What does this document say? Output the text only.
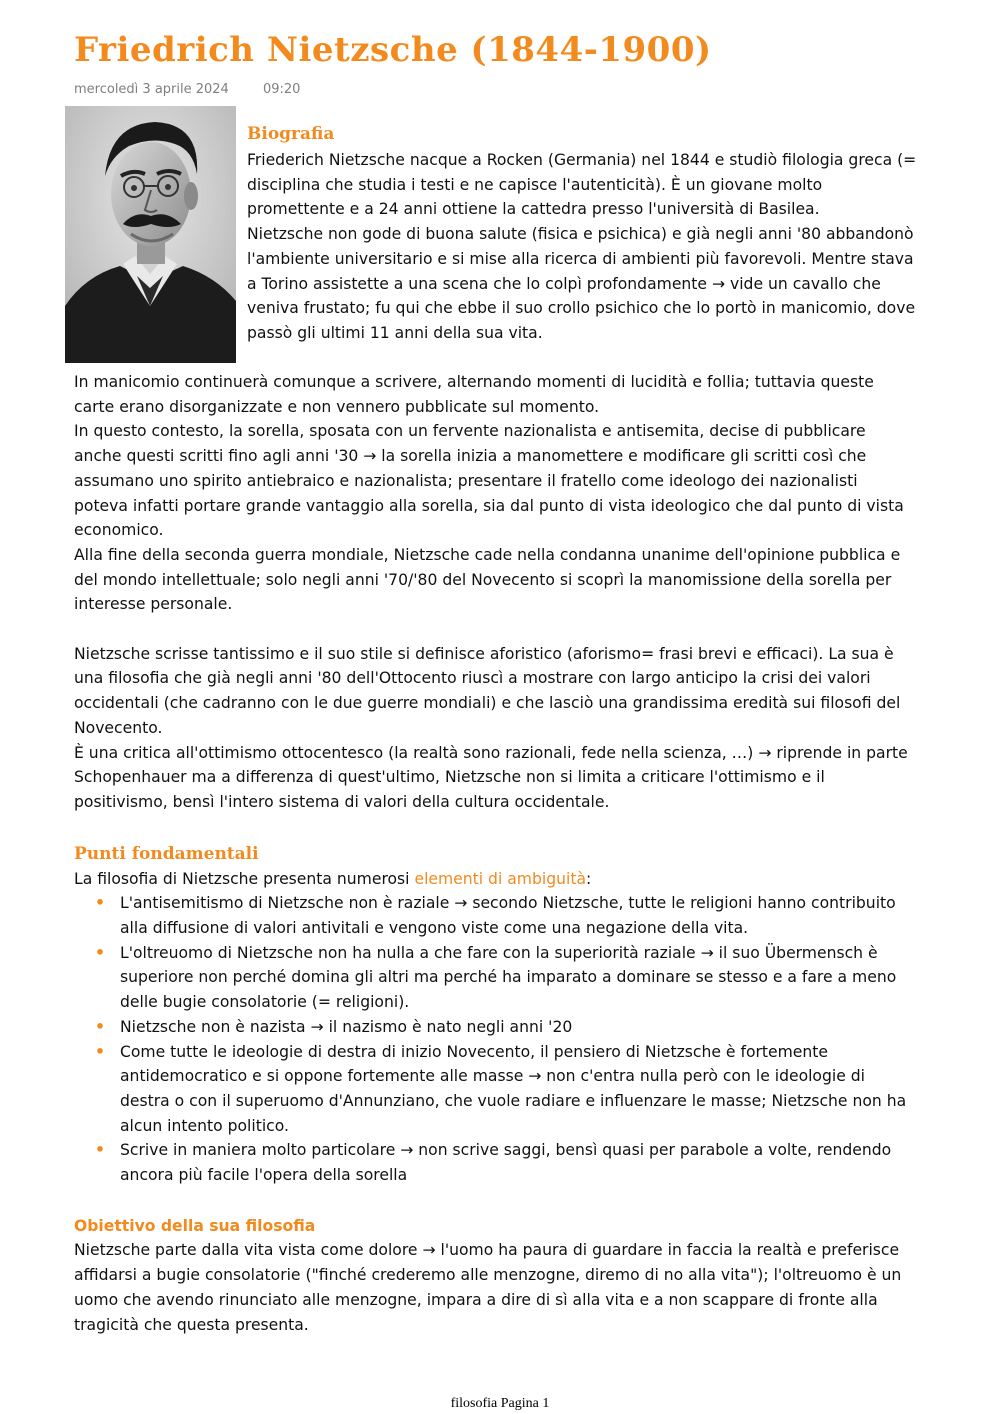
Friedrich Nietzsche (1844-1900)
mercoledì 3 aprile 2024	09:20
Biografia
Friederich Nietzsche nacque a Rocken (Germania) nel 1844 e studiò filologia greca (=
disciplina che studia i testi e ne capisce l'autenticità). È un giovane molto
promettente e a 24 anni ottiene la cattedra presso l'università di Basilea.
Nietzsche non gode di buona salute (fisica e psichica) e già negli anni '80 abbandonò
l'ambiente universitario e si mise alla ricerca di ambienti più favorevoli. Mentre stava
a Torino assistette a una scena che lo colpì profondamente → vide un cavallo che
veniva frustato; fu qui che ebbe il suo crollo psichico che lo portò in manicomio, dove
passò gli ultimi 11 anni della sua vita.
In manicomio continuerà comunque a scrivere, alternando momenti di lucidità e follia; tuttavia queste
carte erano disorganizzate e non vennero pubblicate sul momento.
In questo contesto, la sorella, sposata con un fervente nazionalista e antisemita, decise di pubblicare
anche questi scritti fino agli anni '30 → la sorella inizia a manomettere e modificare gli scritti così che
assumano uno spirito antiebraico e nazionalista; presentare il fratello come ideologo dei nazionalisti
poteva infatti portare grande vantaggio alla sorella, sia dal punto di vista ideologico che dal punto di vista
economico.
Alla fine della seconda guerra mondiale, Nietzsche cade nella condanna unanime dell'opinione pubblica e
del mondo intellettuale; solo negli anni '70/'80 del Novecento si scoprì la manomissione della sorella per
interesse personale.
Nietzsche scrisse tantissimo e il suo stile si definisce aforistico (aforismo= frasi brevi e efficaci). La sua è
una filosofia che già negli anni '80 dell'Ottocento riuscì a mostrare con largo anticipo la crisi dei valori
occidentali (che cadranno con le due guerre mondiali) e che lasciò una grandissima eredità sui filosofi del
Novecento.
È una critica all'ottimismo ottocentesco (la realtà sono razionali, fede nella scienza, …) → riprende in parte
Schopenhauer ma a differenza di quest'ultimo, Nietzsche non si limita a criticare l'ottimismo e il
positivismo, bensì l'intero sistema di valori della cultura occidentale.
Punti fondamentali
La filosofia di Nietzsche presenta numerosi elementi di ambiguità:
• L'antisemitismo di Nietzsche non è raziale → secondo Nietzsche, tutte le religioni hanno contribuito
alla diffusione di valori antivitali e vengono viste come una negazione della vita.
• L'oltreuomo di Nietzsche non ha nulla a che fare con la superiorità raziale → il suo Übermensch è
superiore non perché domina gli altri ma perché ha imparato a dominare se stesso e a fare a meno
delle bugie consolatorie (= religioni).
• Nietzsche non è nazista → il nazismo è nato negli anni '20
• Come tutte le ideologie di destra di inizio Novecento, il pensiero di Nietzsche è fortemente
antidemocratico e si oppone fortemente alle masse → non c'entra nulla però con le ideologie di
destra o con il superuomo d'Annunziano, che vuole radiare e influenzare le masse; Nietzsche non ha
alcun intento politico.
• Scrive in maniera molto particolare → non scrive saggi, bensì quasi per parabole a volte, rendendo
ancora più facile l'opera della sorella
Obiettivo della sua filosofia
Nietzsche parte dalla vita vista come dolore → l'uomo ha paura di guardare in faccia la realtà e preferisce
affidarsi a bugie consolatorie ("finché crederemo alle menzogne, diremo di no alla vita"); l'oltreuomo è un
uomo che avendo rinunciato alle menzogne, impara a dire di sì alla vita e a non scappare di fronte alla
tragicità che questa presenta.
filosofia Pagina 1
